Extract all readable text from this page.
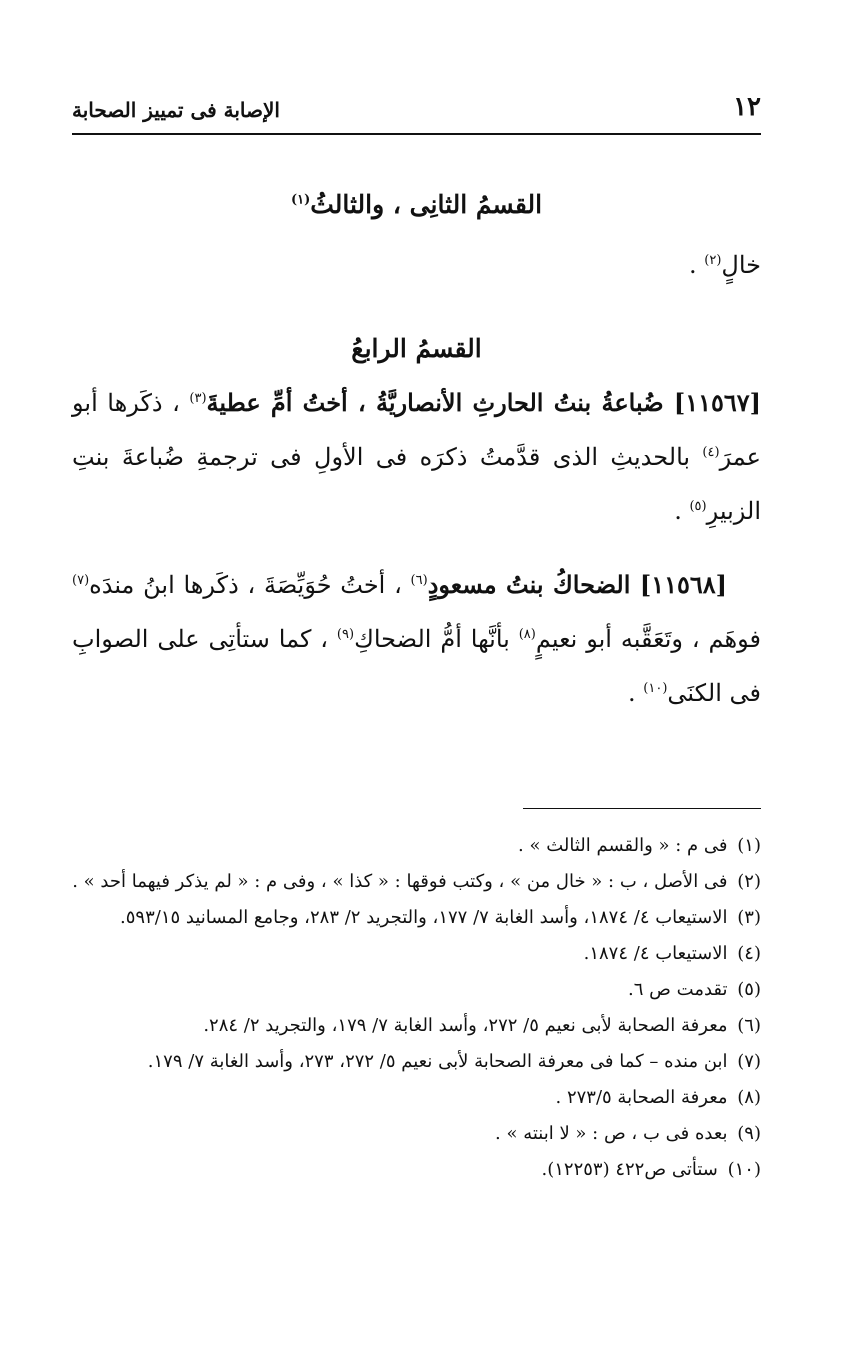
١٢
الإصابة فى تمييز الصحابة
القسمُ الثانِى ، والثالثُ$^{(١)}$

خالٍ$^{(٢)}$ .

القسمُ الرابعُ

[١١٥٦٧] ضُباعةُ بنتُ الحارثِ الأنصاريَّةُ ، أختُ أمِّ عطيةَ$^{(٣)}$ ، ذكَرها أبو عمرَ$^{(٤)}$ بالحديثِ الذى قدَّمتُ ذكرَه فى الأولِ فى ترجمةِ ضُباعةَ بنتِ الزبيرِ$^{(٥)}$ .

[١١٥٦٨] الضحاكُ بنتُ مسعودٍ$^{(٦)}$ ، أختُ حُوَيِّصَةَ ، ذكَرها ابنُ مندَه$^{(٧)}$ فوهَم ، وتَعَقَّبه أبو نعيمٍ$^{(٨)}$ بأنَّها أمُّ الضحاكِ$^{(٩)}$ ، كما ستأتِى على الصوابِ فى الكنَى$^{(١٠)}$ .

(١) فى م : « والقسم الثالث » .

(٢) فى الأصل ، ب : « خال من » ، وكتب فوقها : « كذا » ، وفى م : « لم يذكر فيهما أحد » .

(٣) الاستيعاب ٤/ ١٨٧٤، وأسد الغابة ٧/ ١٧٧، والتجريد ٢/ ٢٨٣، وجامع المسانيد ٥٩٣/١٥.

(٤) الاستيعاب ٤/ ١٨٧٤.

(٥) تقدمت ص ٦.

(٦) معرفة الصحابة لأبى نعيم ٥/ ٢٧٢، وأسد الغابة ٧/ ١٧٩، والتجريد ٢/ ٢٨٤.

(٧) ابن منده – كما فى معرفة الصحابة لأبى نعيم ٥/ ٢٧٢، ٢٧٣، وأسد الغابة ٧/ ١٧٩.

(٨) معرفة الصحابة ٢٧٣/٥ .

(٩) بعده فى ب ، ص : « لا ابنته » .

(١٠) ستأتى ص٤٢٢ (١٢٢٥٣).
